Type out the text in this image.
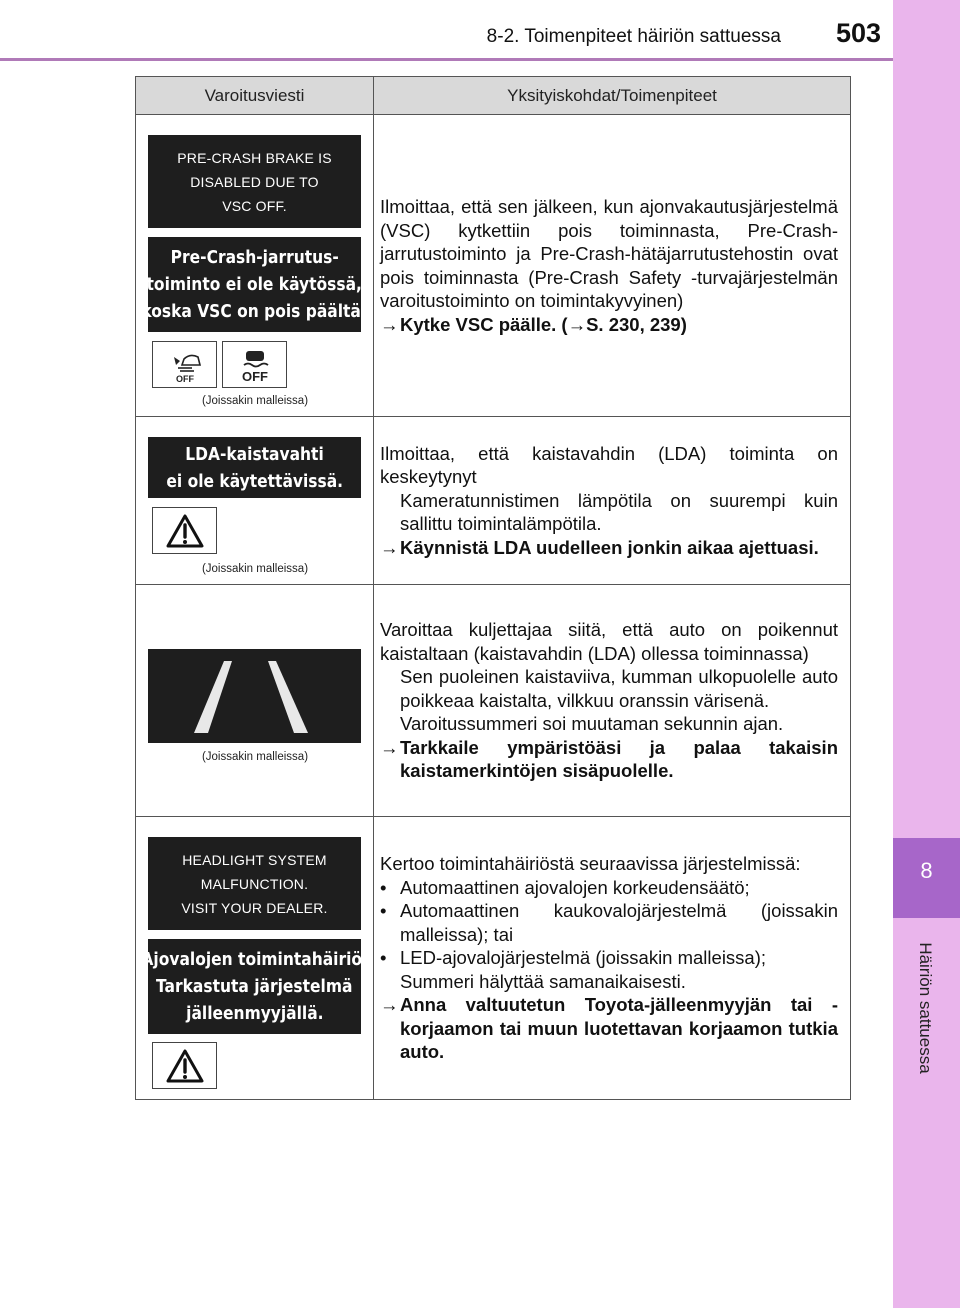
8-2. Toimenpiteet häiriön sattuessa 503
8
Häiriön sattuessa
Varoitusviesti	Yksityiskohdat/Toimenpiteet
PRE-CRASH BRAKE IS
DISABLED DUE TO
VSC OFF.
Pre-Crash-jarrutus-
toiminto ei ole käytössä,
koska VSC on pois päältä.
OFF	OFF
(Joissakin malleissa)
Ilmoittaa, että sen jälkeen, kun ajonvakautusjärjestelmä (VSC) kytkettiin pois toiminnasta, Pre-Crash-jarrutustoiminto ja Pre-Crash-hätäjarrutustehostin ovat pois toiminnasta (Pre-Crash Safety -turvajärjestelmän varoitustoiminto on toimintakyvyinen)
→ Kytke VSC päälle. (→S. 230, 239)
LDA-kaistavahti
ei ole käytettävissä.
(Joissakin malleissa)
Ilmoittaa, että kaistavahdin (LDA) toiminta on keskeytynyt
Kameratunnistimen lämpötila on suurempi kuin sallittu toimintalämpötila.
→ Käynnistä LDA uudelleen jonkin aikaa ajettuasi.
(Joissakin malleissa)
Varoittaa kuljettajaa siitä, että auto on poikennut kaistaltaan (kaistavahdin (LDA) ollessa toiminnassa)
Sen puoleinen kaistaviiva, kumman ulkopuolelle auto poikkeaa kaistalta, vilkkuu oranssin värisenä.
Varoitussummeri soi muutaman sekunnin ajan.
→ Tarkkaile ympäristöäsi ja palaa takaisin kaistamerkintöjen sisäpuolelle.
HEADLIGHT SYSTEM
MALFUNCTION.
VISIT YOUR DEALER.
Ajovalojen toimintahäiriö.
Tarkastuta järjestelmä
jälleenmyyjällä.
Kertoo toimintahäiriöstä seuraavissa järjestelmissä:
• Automaattinen ajovalojen korkeudensäätö;
• Automaattinen kaukovalojärjestelmä (joissakin malleissa); tai
• LED-ajovalojärjestelmä (joissakin malleissa);
Summeri hälyttää samanaikaisesti.
→ Anna valtuutetun Toyota-jälleenmyyjän tai -korjaamon tai muun luotettavan korjaamon tutkia auto.
